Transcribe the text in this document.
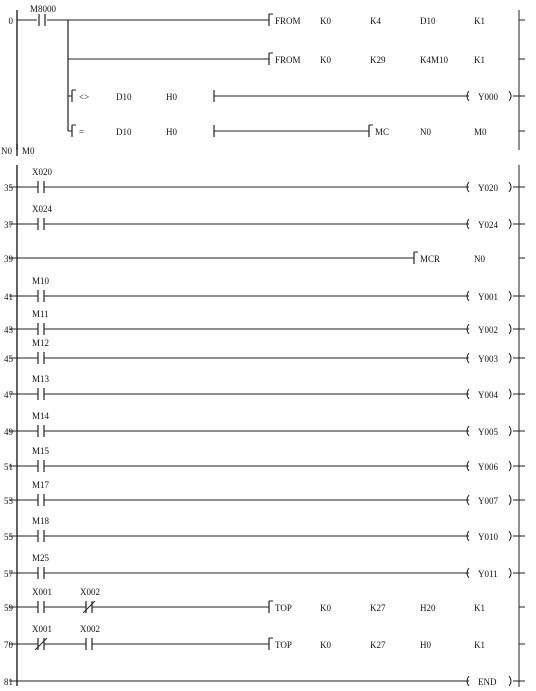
0
M8000
FROM K0	K4	D10	K1
FROM K0	K29	K4M10	K1
<>	D10	H0	Y000
=	D10	H0	MC	N0	M0
N0 M0
35
X020
Y020
37
X024
Y024
39	MCR	N0
41
M10
Y001
43
M11
Y002
45
M12
Y003
47
M13
Y004
49
M14
Y005
51
M15
Y006
53
M17
Y007
55
M18
Y010
57
M25
Y011
59
X001	X002
TOP	K0	K27	H20	K1
70
X001	X002
TOP	K0	K27	H0	K1
81	END
